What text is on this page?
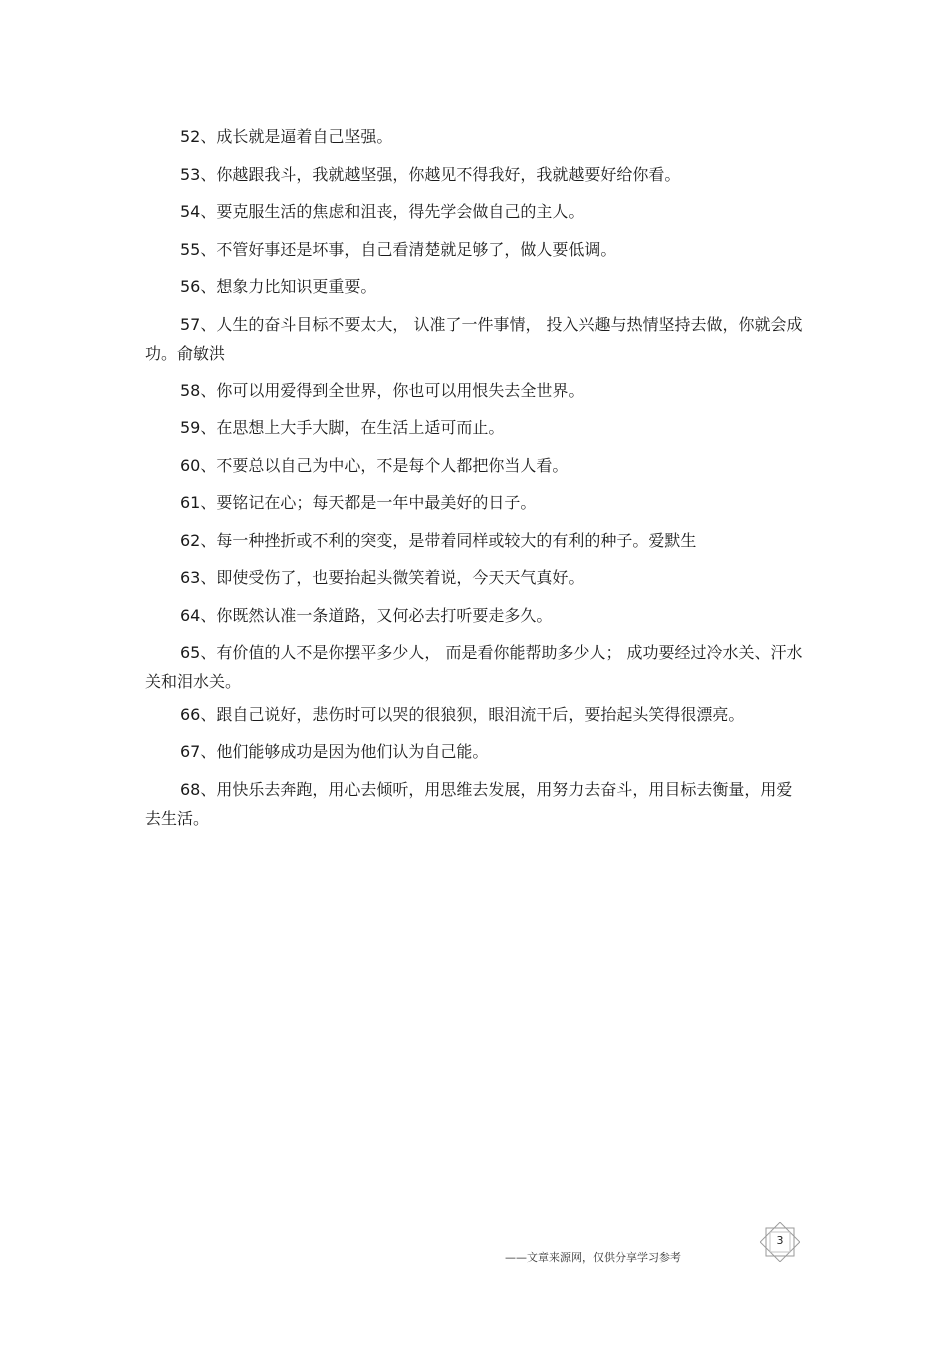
52、成长就是逼着自己坚强。

53、你越跟我斗，我就越坚强，你越见不得我好，我就越要好给你看。

54、要克服生活的焦虑和沮丧，得先学会做自己的主人。

55、不管好事还是坏事，自己看清楚就足够了，做人要低调。

56、想象力比知识更重要。

57、人生的奋斗目标不要太大， 认准了一件事情， 投入兴趣与热情坚持去做，你就会成功。俞敏洪

58、你可以用爱得到全世界，你也可以用恨失去全世界。

59、在思想上大手大脚，在生活上适可而止。

60、不要总以自己为中心，不是每个人都把你当人看。

61、要铭记在心；每天都是一年中最美好的日子。

62、每一种挫折或不利的突变，是带着同样或较大的有利的种子。爱默生

63、即使受伤了，也要抬起头微笑着说，今天天气真好。

64、你既然认准一条道路，又何必去打听要走多久。

65、有价值的人不是你摆平多少人， 而是看你能帮助多少人； 成功要经过冷水关、汗水关和泪水关。

66、跟自己说好，悲伤时可以哭的很狼狈，眼泪流干后，要抬起头笑得很漂亮。

67、他们能够成功是因为他们认为自己能。

68、用快乐去奔跑，用心去倾听，用思维去发展，用努力去奋斗，用目标去衡量，用爱去生活。

——文章来源网，仅供分享学习参考
3
